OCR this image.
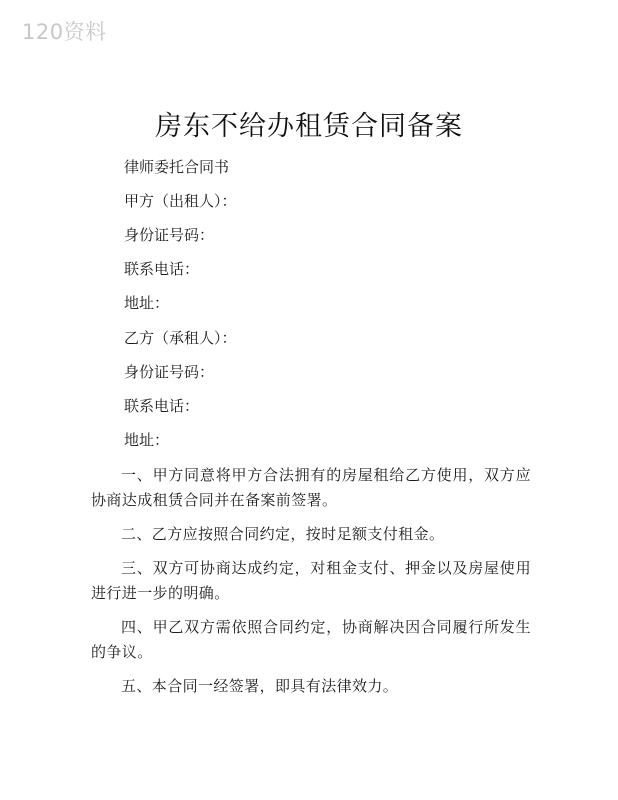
120资料
房东不给办租赁合同备案
律师委托合同书
甲方（出租人）：
身份证号码：
联系电话：
地址：
乙方（承租人）：
身份证号码：
联系电话：
地址：
一、甲方同意将甲方合法拥有的房屋租给乙方使用，双方应协商达成租赁合同并在备案前签署。
二、乙方应按照合同约定，按时足额支付租金。
三、双方可协商达成约定，对租金支付、押金以及房屋使用进行进一步的明确。
四、甲乙双方需依照合同约定，协商解决因合同履行所发生的争议。
五、本合同一经签署，即具有法律效力。
